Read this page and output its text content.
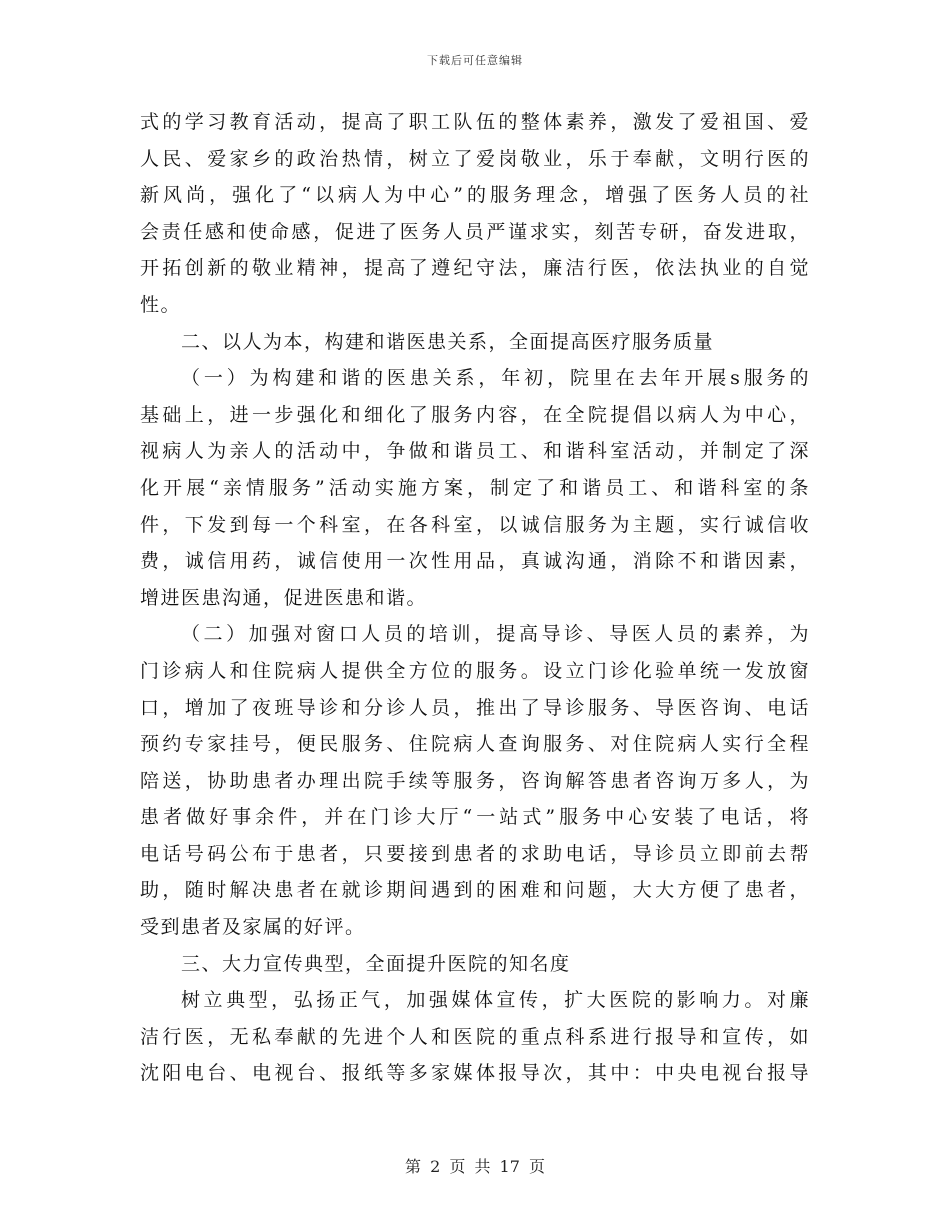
下载后可任意编辑
式的学习教育活动，提高了职工队伍的整体素养，激发了爱祖国、爱
人民、爱家乡的政治热情，树立了爱岗敬业，乐于奉献，文明行医的
新风尚，强化了“以病人为中心”的服务理念，增强了医务人员的社
会责任感和使命感，促进了医务人员严谨求实，刻苦专研，奋发进取，
开拓创新的敬业精神，提高了遵纪守法，廉洁行医，依法执业的自觉
性。
二、以人为本，构建和谐医患关系，全面提高医疗服务质量
（一）为构建和谐的医患关系，年初，院里在去年开展s服务的
基础上，进一步强化和细化了服务内容，在全院提倡以病人为中心，
视病人为亲人的活动中，争做和谐员工、和谐科室活动，并制定了深
化开展“亲情服务”活动实施方案，制定了和谐员工、和谐科室的条
件，下发到每一个科室，在各科室，以诚信服务为主题，实行诚信收
费，诚信用药，诚信使用一次性用品，真诚沟通，消除不和谐因素，
增进医患沟通，促进医患和谐。
（二）加强对窗口人员的培训，提高导诊、导医人员的素养，为
门诊病人和住院病人提供全方位的服务。设立门诊化验单统一发放窗
口，增加了夜班导诊和分诊人员，推出了导诊服务、导医咨询、电话
预约专家挂号，便民服务、住院病人查询服务、对住院病人实行全程
陪送，协助患者办理出院手续等服务，咨询解答患者咨询万多人，为
患者做好事余件，并在门诊大厅“一站式”服务中心安装了电话，将
电话号码公布于患者，只要接到患者的求助电话，导诊员立即前去帮
助，随时解决患者在就诊期间遇到的困难和问题，大大方便了患者，
受到患者及家属的好评。
三、大力宣传典型，全面提升医院的知名度
树立典型，弘扬正气，加强媒体宣传，扩大医院的影响力。对廉
洁行医，无私奉献的先进个人和医院的重点科系进行报导和宣传，如
沈阳电台、电视台、报纸等多家媒体报导次，其中：中央电视台报导
第 2 页 共 17 页
